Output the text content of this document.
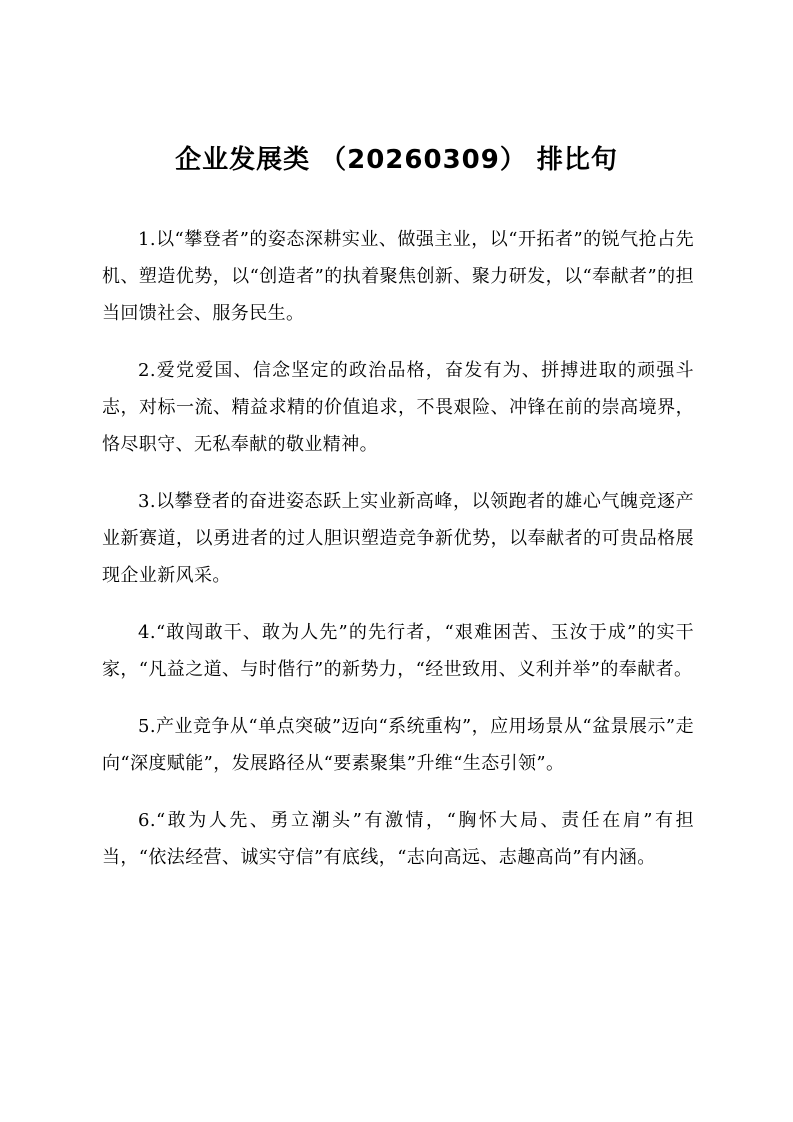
企业发展类 （20260309） 排比句

1.以“攀登者”的姿态深耕实业、做强主业，以“开拓者”的锐气抢占先机、塑造优势，以“创造者”的执着聚焦创新、聚力研发，以“奉献者”的担当回馈社会、服务民生。

2.爱党爱国、信念坚定的政治品格，奋发有为、拼搏进取的顽强斗志，对标一流、精益求精的价值追求，不畏艰险、冲锋在前的崇高境界，恪尽职守、无私奉献的敬业精神。

3.以攀登者的奋进姿态跃上实业新高峰，以领跑者的雄心气魄竞逐产业新赛道，以勇进者的过人胆识塑造竞争新优势，以奉献者的可贵品格展现企业新风采。

4.“敢闯敢干、敢为人先”的先行者，“艰难困苦、玉汝于成”的实干家，“凡益之道、与时偕行”的新势力，“经世致用、义利并举”的奉献者。

5.产业竞争从“单点突破”迈向“系统重构”，应用场景从“盆景展示”走向“深度赋能”，发展路径从“要素聚集”升维“生态引领”。

6.“敢为人先、勇立潮头”有激情，“胸怀大局、责任在肩”有担当，“依法经营、诚实守信”有底线，“志向高远、志趣高尚”有内涵。
